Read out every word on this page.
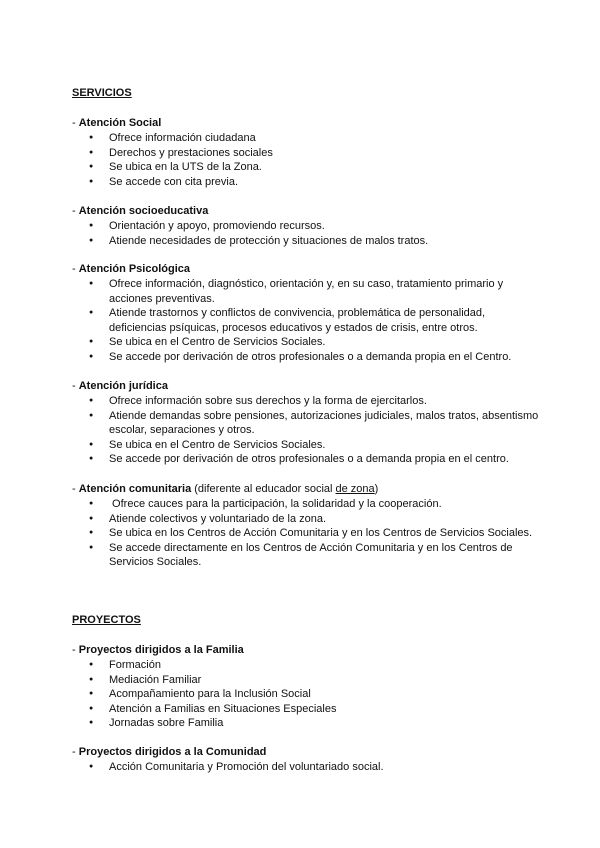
SERVICIOS
- Atención Social
● Ofrece información ciudadana
● Derechos y prestaciones sociales
● Se ubica en la UTS de la Zona.
● Se accede con cita previa.
- Atención socioeducativa
● Orientación y apoyo, promoviendo recursos.
● Atiende necesidades de protección y situaciones de malos tratos.
- Atención Psicológica
● Ofrece información, diagnóstico, orientación y, en su caso, tratamiento primario y acciones preventivas.
● Atiende trastornos y conflictos de convivencia, problemática de personalidad, deficiencias psíquicas, procesos educativos y estados de crisis, entre otros.
● Se ubica en el Centro de Servicios Sociales.
● Se accede por derivación de otros profesionales o a demanda propia en el Centro.
- Atención jurídica
● Ofrece información sobre sus derechos y la forma de ejercitarlos.
● Atiende demandas sobre pensiones, autorizaciones judiciales, malos tratos, absentismo escolar, separaciones y otros.
● Se ubica en el Centro de Servicios Sociales.
● Se accede por derivación de otros profesionales o a demanda propia en el centro.
- Atención comunitaria (diferente al educador social de zona)
●  Ofrece cauces para la participación, la solidaridad y la cooperación.
● Atiende colectivos y voluntariado de la zona.
● Se ubica en los Centros de Acción Comunitaria y en los Centros de Servicios Sociales.
● Se accede directamente en los Centros de Acción Comunitaria y en los Centros de Servicios Sociales.
PROYECTOS
- Proyectos dirigidos a la Familia
● Formación
● Mediación Familiar
● Acompañamiento para la Inclusión Social
● Atención a Familias en Situaciones Especiales
● Jornadas sobre Familia
- Proyectos dirigidos a la Comunidad
● Acción Comunitaria y Promoción del voluntariado social.
